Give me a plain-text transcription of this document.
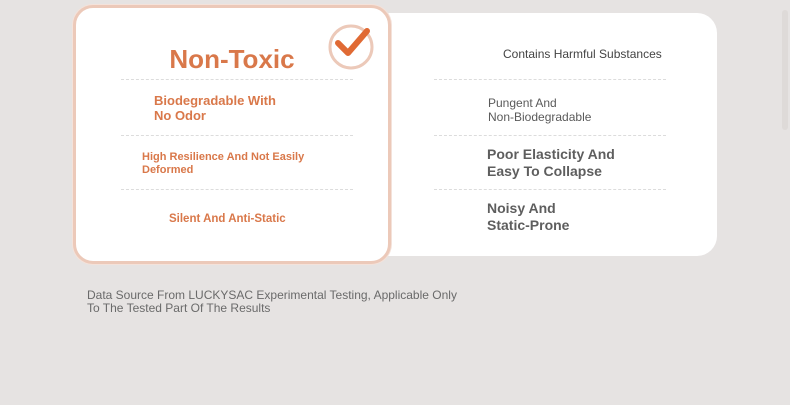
Contains Harmful Substances
Pungent And
Non-Biodegradable
Poor Elasticity And
Easy To Collapse
Noisy And
Static-Prone
Non-Toxic
Biodegradable With
No Odor
High Resilience And Not Easily
Deformed
Silent And Anti-Static
Data Source From LUCKYSAC Experimental Testing, Applicable Only
To The Tested Part Of The Results
